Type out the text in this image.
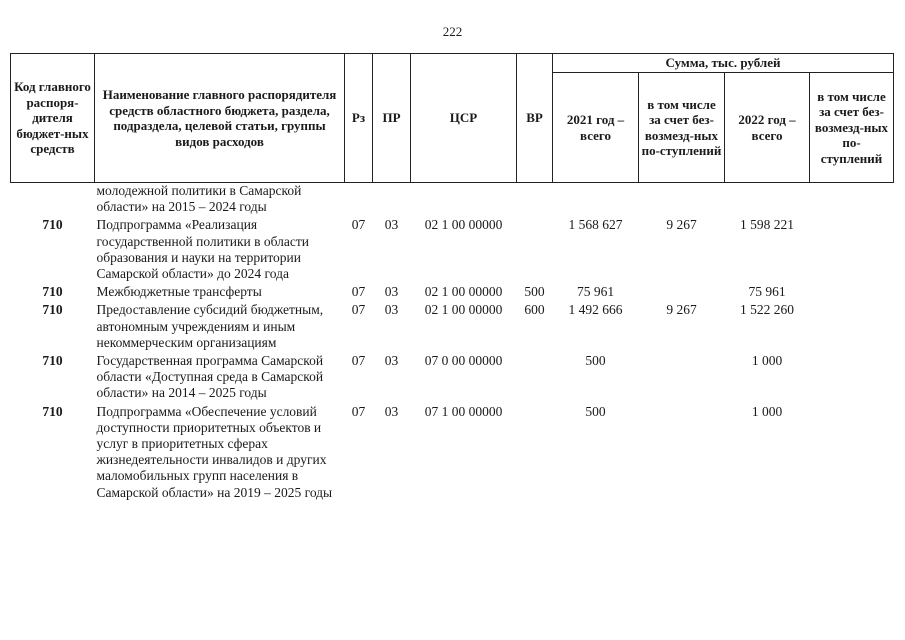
222
Код главного распоря-дителя бюджет-ных средств	Наименование главного распорядителя средств областного бюджета, раздела, подраздела, целевой статьи, группы видов расходов	Рз	ПР	ЦСР	ВР	Сумма, тыс. рублей			
						2021 год – всего	в том числе за счет без-возмезд-ных по-ступлений	2022 год – всего	в том числе за счет без-возмезд-ных по-ступлений
	молодежной политики в Самарской области» на 2015 – 2024 годы								
710	Подпрограмма «Реализация государственной политики в области образования и науки на территории Самарской области» до 2024 года	07	03	02 1 00 00000		1 568 627	9 267	1 598 221	
710	Межбюджетные трансферты	07	03	02 1 00 00000	500	75 961		75 961	
710	Предоставление субсидий бюджетным, автономным учреждениям и иным некоммерческим организациям	07	03	02 1 00 00000	600	1 492 666	9 267	1 522 260	
710	Государственная программа Самарской области «Доступная среда в Самарской области» на 2014 – 2025 годы	07	03	07 0 00 00000		500		1 000	
710	Подпрограмма «Обеспечение условий доступности приоритетных объектов и услуг в приоритетных сферах жизнедеятельности инвалидов и других маломобильных групп населения в Самарской области» на 2019 – 2025 годы	07	03	07 1 00 00000		500		1 000	
